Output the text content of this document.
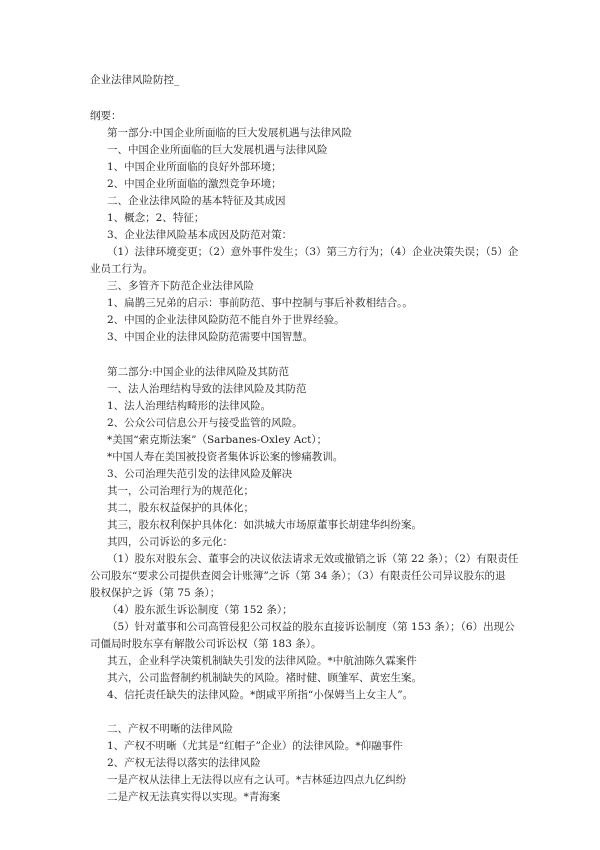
企业法律风险防控_
纲要：
第一部分:中国企业所面临的巨大发展机遇与法律风险
一、中国企业所面临的巨大发展机遇与法律风险
1、中国企业所面临的良好外部环境；
2、中国企业所面临的激烈竞争环境；
二、企业法律风险的基本特征及其成因
1、概念；2、特征；
3、企业法律风险基本成因及防范对策：
（1）法律环境变更；（2）意外事件发生；（3）第三方行为；（4）企业决策失误；（5）企
业员工行为。
三、多管齐下防范企业法律风险
1、扁鹊三兄弟的启示：事前防范、事中控制与事后补救相结合。。
2、中国的企业法律风险防范不能自外于世界经验。
3、中国企业的法律风险防范需要中国智慧。
第二部分:中国企业的法律风险及其防范
一、法人治理结构导致的法律风险及其防范
1、法人治理结构畸形的法律风险。
2、公众公司信息公开与接受监管的风险。
*美国“索克斯法案”（Sarbanes-Oxley Act）；
*中国人寿在美国被投资者集体诉讼案的惨痛教训。
3、公司治理失范引发的法律风险及解决
其一，公司治理行为的规范化；
其二，股东权益保护的具体化；
其三，股东权利保护具体化：如洪城大市场原董事长胡建华纠纷案。
其四，公司诉讼的多元化：
（1）股东对股东会、董事会的决议依法请求无效或撤销之诉（第 22 条）；（2）有限责任
公司股东“要求公司提供查阅会计账簿”之诉（第 34 条）；（3）有限责任公司异议股东的退
股权保护之诉（第 75 条）；
（4）股东派生诉讼制度（第 152 条）；
（5）针对董事和公司高管侵犯公司权益的股东直接诉讼制度（第 153 条）；（6）出现公
司僵局时股东享有解散公司诉讼权（第 183 条）。
其五，企业科学决策机制缺失引发的法律风险。*中航油陈久霖案件
其六，公司监督制约机制缺失的风险。褚时健、顾雏军、黄宏生案。
4、信托责任缺失的法律风险。*朗咸平所指“小保姆当上女主人”。
二、产权不明晰的法律风险
1、产权不明晰（尤其是“红帽子”企业）的法律风险。*仰融事件
2、产权无法得以落实的法律风险
一是产权从法律上无法得以应有之认可。*吉林延边四点九亿纠纷
二是产权无法真实得以实现。*青海案
